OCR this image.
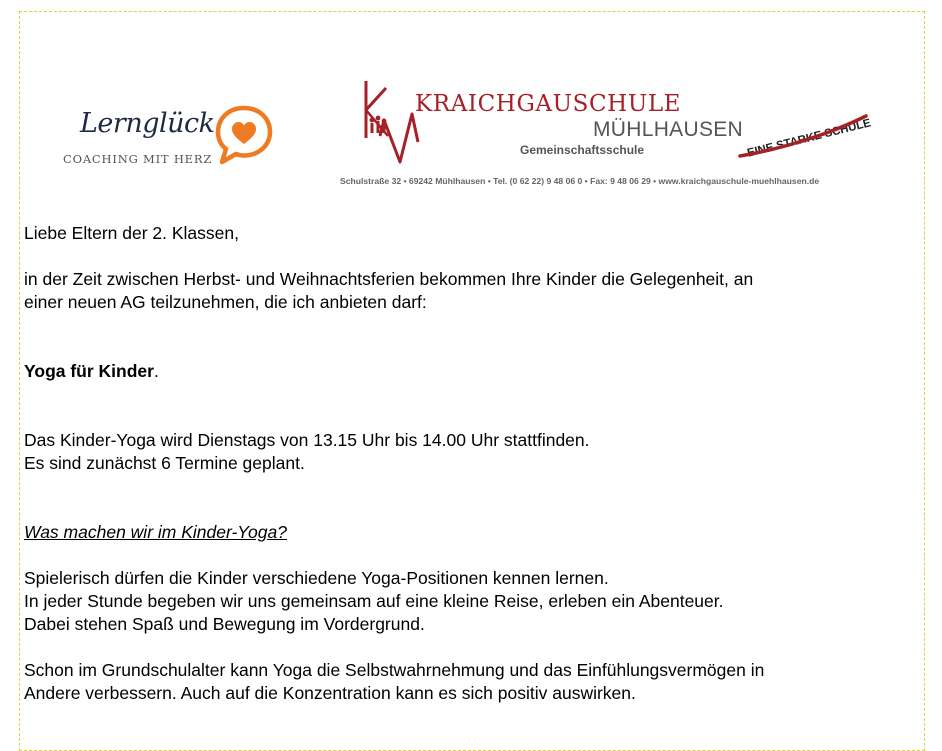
Lernglück
COACHING MIT HERZ
KRAICHGAUSCHULE
MÜHLHAUSEN
Gemeinschaftsschule	EINE STARKE SCHULE
Schulstraße 32 • 69242 Mühlhausen • Tel. (0 62 22) 9 48 06 0 • Fax: 9 48 06 29 • www.kraichgauschule-muehlhausen.de

Liebe Eltern der 2. Klassen,

in der Zeit zwischen Herbst- und Weihnachtsferien bekommen Ihre Kinder die Gelegenheit, an

einer neuen AG teilzunehmen, die ich anbieten darf:

Yoga für Kinder.

Das Kinder-Yoga wird Dienstags von 13.15 Uhr bis 14.00 Uhr stattfinden.

Es sind zunächst 6 Termine geplant.

Was machen wir im Kinder-Yoga?

Spielerisch dürfen die Kinder verschiedene Yoga-Positionen kennen lernen.

In jeder Stunde begeben wir uns gemeinsam auf eine kleine Reise, erleben ein Abenteuer.

Dabei stehen Spaß und Bewegung im Vordergrund.

Schon im Grundschulalter kann Yoga die Selbstwahrnehmung und das Einfühlungsvermögen in

Andere verbessern. Auch auf die Konzentration kann es sich positiv auswirken.
